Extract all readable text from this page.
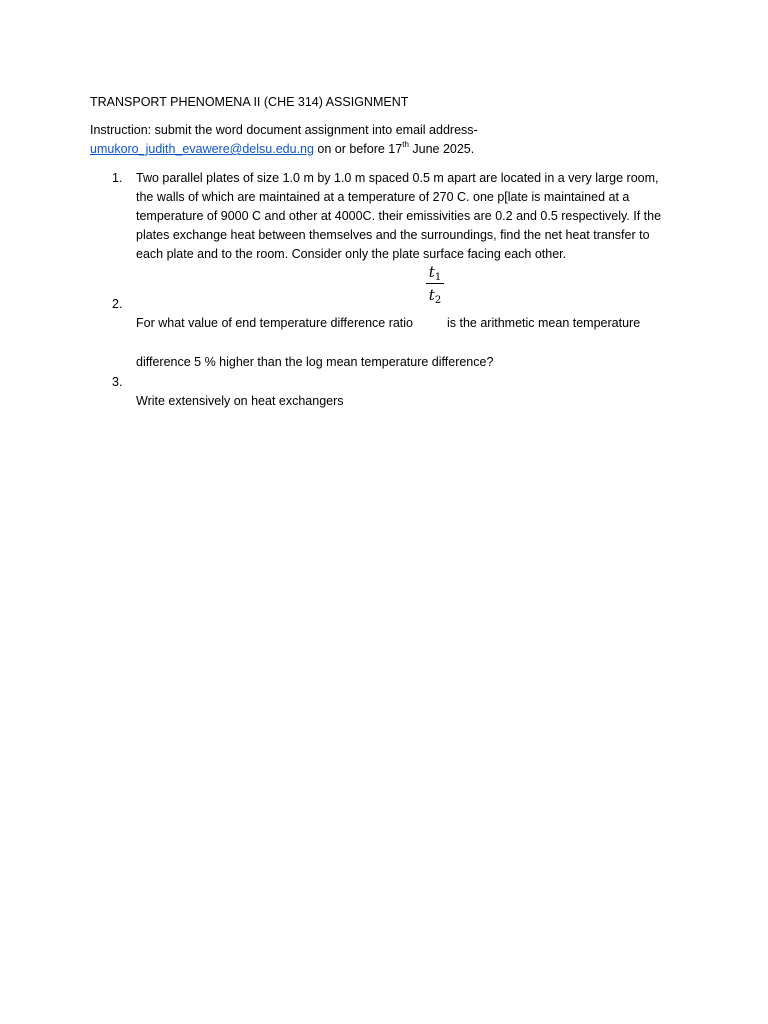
TRANSPORT PHENOMENA II (CHE 314) ASSIGNMENT
Instruction: submit the word document assignment into email address-
umukoro_judith_evawere@delsu.edu.ng on or before 17th June 2025.
1. Two parallel plates of size 1.0 m by 1.0 m spaced 0.5 m apart are located in a very large room,
the walls of which are maintained at a temperature of 270 C. one p[late is maintained at a
temperature of 9000 C and other at 4000C. their emissivities are 0.2 and 0.5 respectively. If the
plates exchange heat between themselves and the surroundings, find the net heat transfer to
each plate and to the room. Consider only the plate surface facing each other.
$t_1$
$t_2$
2.
For what value of end temperature difference ratio	is the arithmetic mean temperature
difference 5 % higher than the log mean temperature difference?
3.
Write extensively on heat exchangers
